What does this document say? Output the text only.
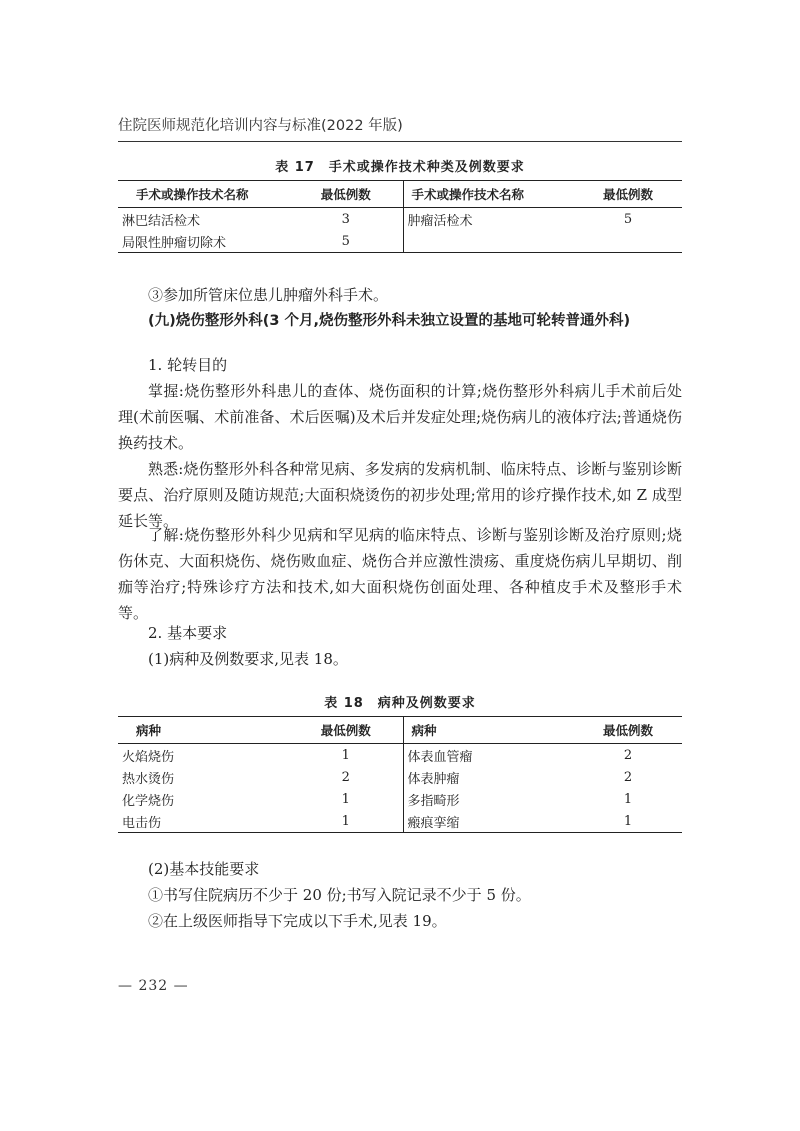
住院医师规范化培训内容与标准(2022 年版)
表 17　手术或操作技术种类及例数要求
手术或操作技术名称	最低例数	手术或操作技术名称	最低例数
淋巴结活检术	3	肿瘤活检术	5
局限性肿瘤切除术	5		
③参加所管床位患儿肿瘤外科手术。
(九)烧伤整形外科(3 个月,烧伤整形外科未独立设置的基地可轮转普通外科)
1. 轮转目的
掌握:烧伤整形外科患儿的查体、烧伤面积的计算;烧伤整形外科病儿手术前后处理(术前医嘱、术前准备、术后医嘱)及术后并发症处理;烧伤病儿的液体疗法;普通烧伤换药技术。
熟悉:烧伤整形外科各种常见病、多发病的发病机制、临床特点、诊断与鉴别诊断要点、治疗原则及随访规范;大面积烧烫伤的初步处理;常用的诊疗操作技术,如 Z 成型延长等。
了解:烧伤整形外科少见病和罕见病的临床特点、诊断与鉴别诊断及治疗原则;烧伤休克、大面积烧伤、烧伤败血症、烧伤合并应激性溃疡、重度烧伤病儿早期切、削痂等治疗;特殊诊疗方法和技术,如大面积烧伤创面处理、各种植皮手术及整形手术等。
2. 基本要求
(1)病种及例数要求,见表 18。
表 18　病种及例数要求
病种	最低例数	病种	最低例数
火焰烧伤	1	体表血管瘤	2
热水烫伤	2	体表肿瘤	2
化学烧伤	1	多指畸形	1
电击伤	1	瘢痕挛缩	1
(2)基本技能要求
①书写住院病历不少于 20 份;书写入院记录不少于 5 份。
②在上级医师指导下完成以下手术,见表 19。
— 232 —
